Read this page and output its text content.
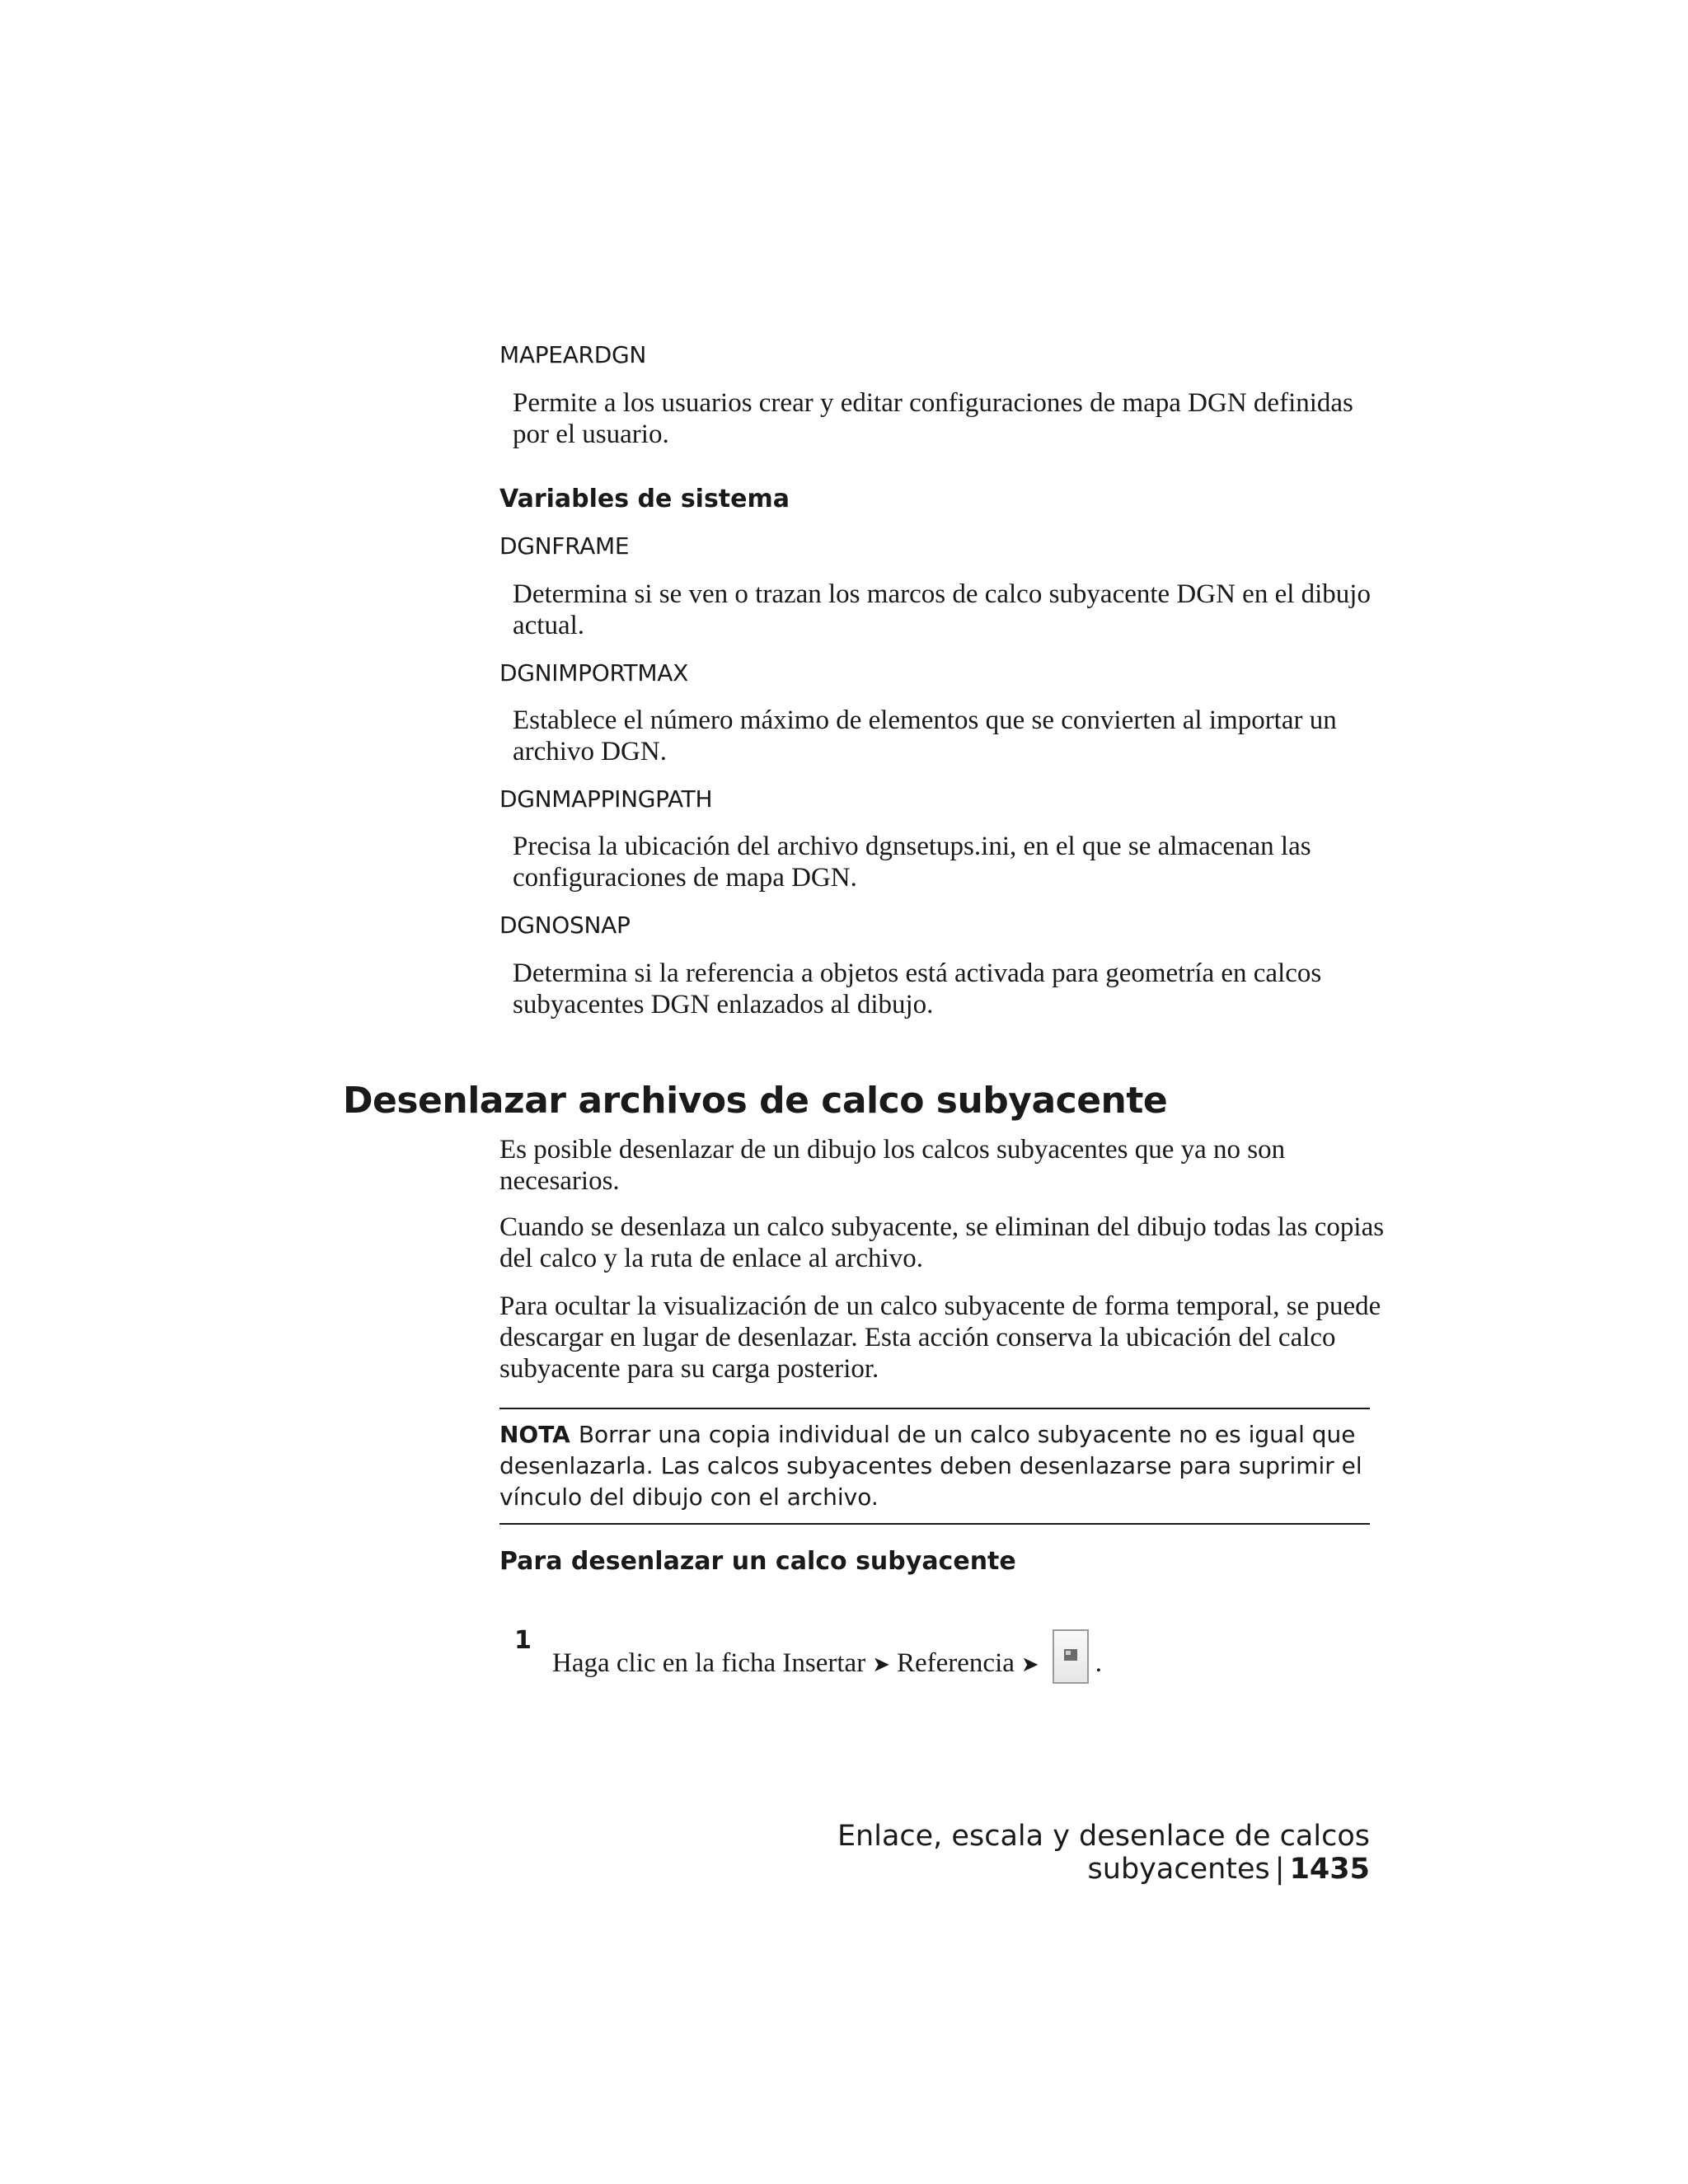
MAPEARDGN
Permite a los usuarios crear y editar configuraciones de mapa DGN definidas por el usuario.
Variables de sistema
DGNFRAME
Determina si se ven o trazan los marcos de calco subyacente DGN en el dibujo actual.
DGNIMPORTMAX
Establece el número máximo de elementos que se convierten al importar un archivo DGN.
DGNMAPPINGPATH
Precisa la ubicación del archivo dgnsetups.ini, en el que se almacenan las configuraciones de mapa DGN.
DGNOSNAP
Determina si la referencia a objetos está activada para geometría en calcos subyacentes DGN enlazados al dibujo.
Desenlazar archivos de calco subyacente
Es posible desenlazar de un dibujo los calcos subyacentes que ya no son necesarios.
Cuando se desenlaza un calco subyacente, se eliminan del dibujo todas las copias del calco y la ruta de enlace al archivo.
Para ocultar la visualización de un calco subyacente de forma temporal, se puede descargar en lugar de desenlazar. Esta acción conserva la ubicación del calco subyacente para su carga posterior.
NOTA Borrar una copia individual de un calco subyacente no es igual que desenlazarla. Las calcos subyacentes deben desenlazarse para suprimir el vínculo del dibujo con el archivo.
Para desenlazar un calco subyacente
1
Haga clic en la ficha Insertar ➤ Referencia ➤ .
Enlace, escala y desenlace de calcos subyacentes | 1435
